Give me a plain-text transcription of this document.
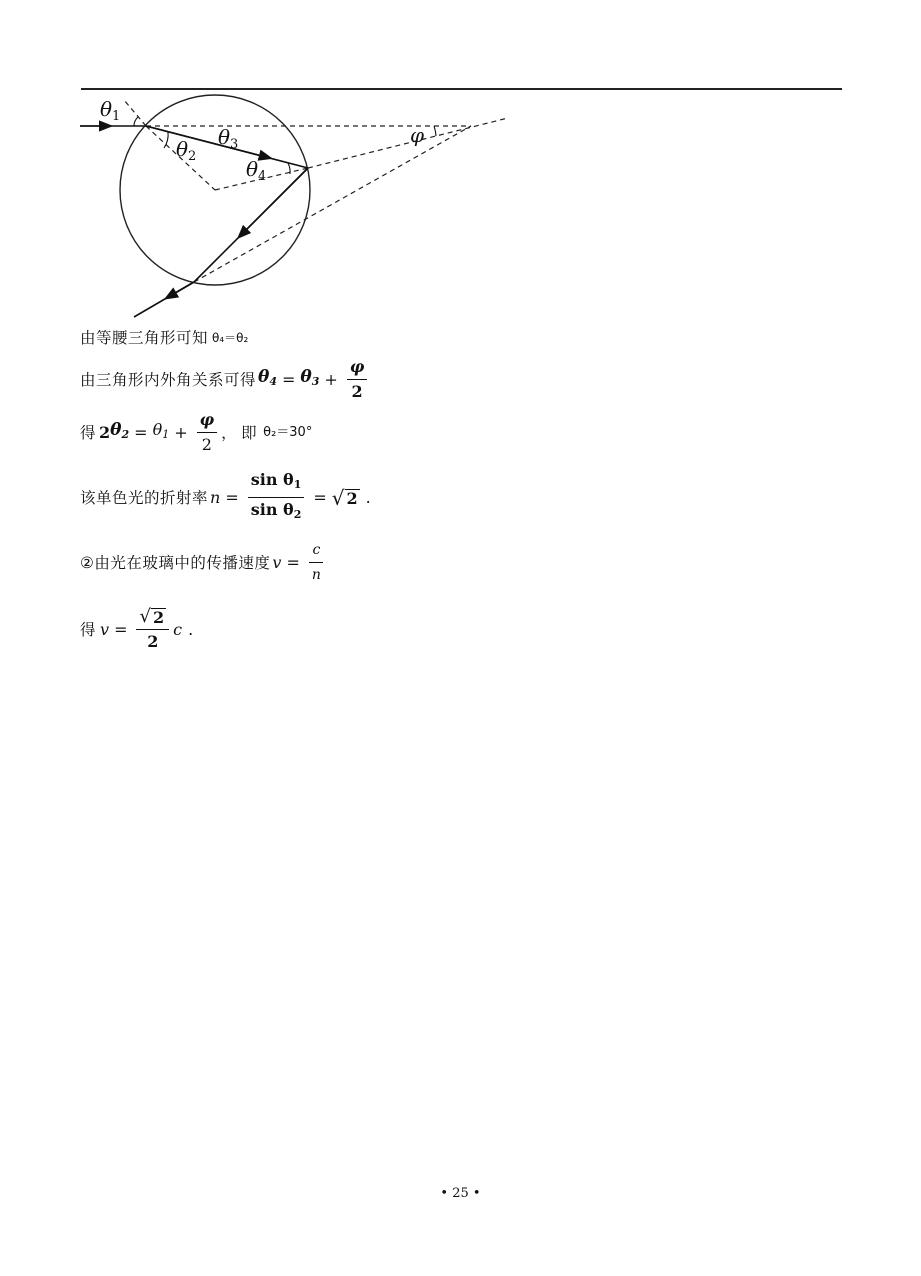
$\theta_1$
$\theta_2$
$\theta_3$
$\theta_4$
φ
由等腰三角形可知 θ₄＝θ₂
由三角形内外角关系可得 $\theta_4 = \theta_3 + \frac{\varphi}{2}$
得 2 $\theta_2 = \theta_1 + \frac{\varphi}{2}$ ， 即 θ₂＝30°
该单色光的折射率 $n = \frac{\sin \theta_1}{\sin \theta_2}$ = √ 2 .
②由光在玻璃中的传播速度 $v = \frac{c}{n}$
得 $v = \frac{√ 2}{2}$ c .
• 25 •
